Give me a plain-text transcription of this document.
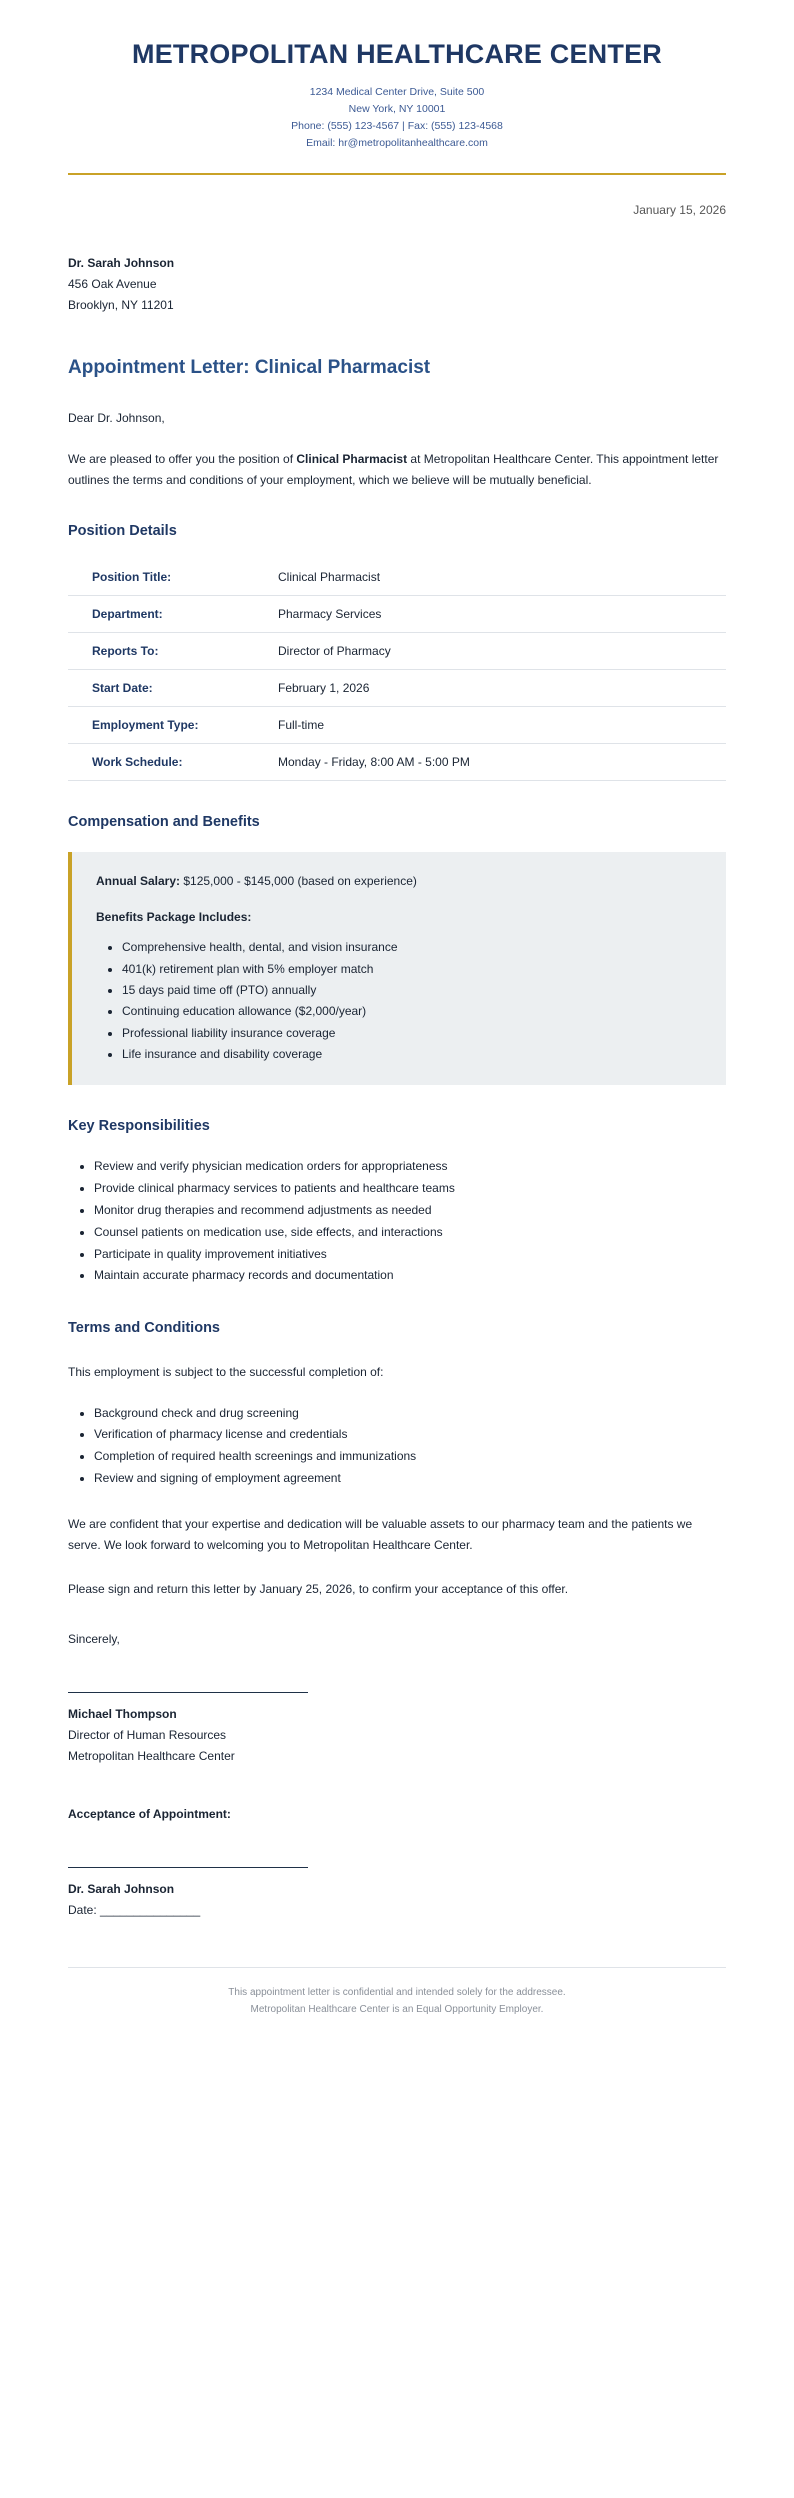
METROPOLITAN HEALTHCARE CENTER
1234 Medical Center Drive, Suite 500
New York, NY 10001
Phone: (555) 123-4567 | Fax: (555) 123-4568
Email: hr@metropolitanhealthcare.com
January 15, 2026
Dr. Sarah Johnson
456 Oak Avenue
Brooklyn, NY 11201
Appointment Letter: Clinical Pharmacist
Dear Dr. Johnson,

We are pleased to offer you the position of Clinical Pharmacist at Metropolitan Healthcare Center. This appointment letter outlines the terms and conditions of your employment, which we believe will be mutually beneficial.

Position Details
Position Title:	Clinical Pharmacist
Department:	Pharmacy Services
Reports To:	Director of Pharmacy
Start Date:	February 1, 2026
Employment Type:	Full-time
Work Schedule:	Monday - Friday, 8:00 AM - 5:00 PM
Compensation and Benefits

Annual Salary: $125,000 - $145,000 (based on experience)

Benefits Package Includes:

• Comprehensive health, dental, and vision insurance
• 401(k) retirement plan with 5% employer match
• 15 days paid time off (PTO) annually
• Continuing education allowance ($2,000/year)
• Professional liability insurance coverage
• Life insurance and disability coverage
Key Responsibilities
• Review and verify physician medication orders for appropriateness
• Provide clinical pharmacy services to patients and healthcare teams
• Monitor drug therapies and recommend adjustments as needed
• Counsel patients on medication use, side effects, and interactions
• Participate in quality improvement initiatives
• Maintain accurate pharmacy records and documentation
Terms and Conditions

This employment is subject to the successful completion of:

• Background check and drug screening
• Verification of pharmacy license and credentials
• Completion of required health screenings and immunizations
• Review and signing of employment agreement

We are confident that your expertise and dedication will be valuable assets to our pharmacy team and the patients we serve. We look forward to welcoming you to Metropolitan Healthcare Center.

Please sign and return this letter by January 25, 2026, to confirm your acceptance of this offer.

Sincerely,
Michael Thompson
Director of Human Resources
Metropolitan Healthcare Center
Acceptance of Appointment:
Dr. Sarah Johnson
Date: _______________
This appointment letter is confidential and intended solely for the addressee.
Metropolitan Healthcare Center is an Equal Opportunity Employer.
